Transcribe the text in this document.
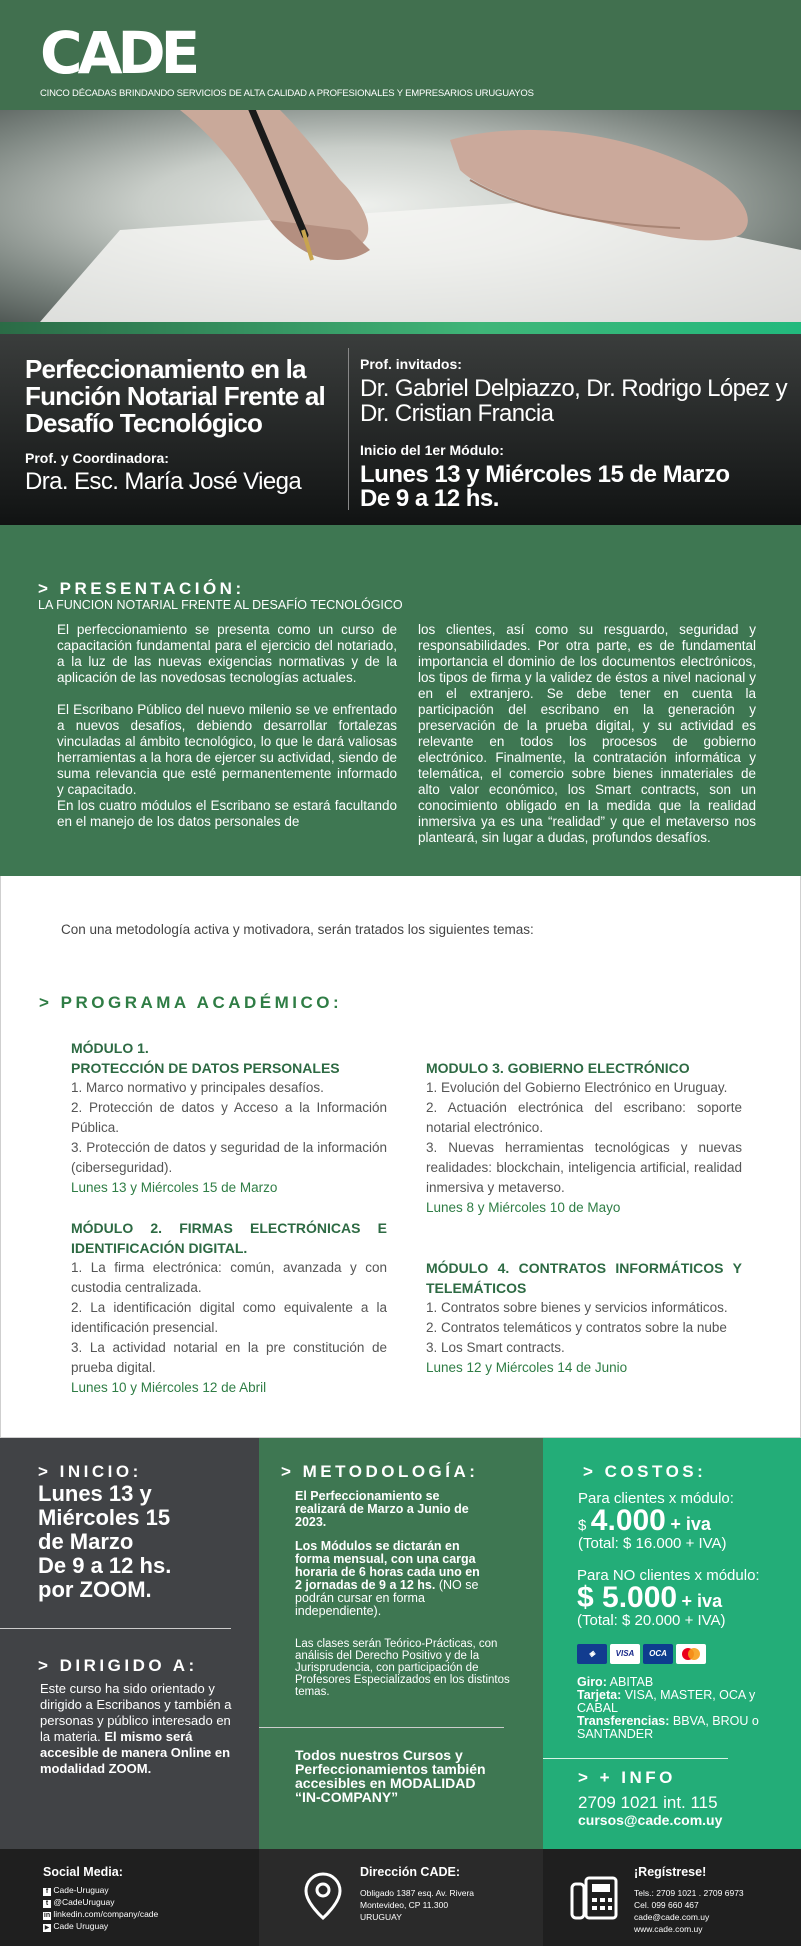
CADE
CINCO DÉCADAS BRINDANDO SERVICIOS DE ALTA CALIDAD A PROFESIONALES Y EMPRESARIOS URUGUAYOS
Perfeccionamiento en la Función Notarial Frente al Desafío Tecnológico
Prof. y Coordinadora:
Dra. Esc. María José Viega
Prof. invitados:
Dr. Gabriel Delpiazzo, Dr. Rodrigo López y Dr. Cristian Francia
Inicio del 1er Módulo:
Lunes 13 y Miércoles 15 de Marzo
De 9 a 12 hs.
> PRESENTACIÓN:
LA FUNCION NOTARIAL FRENTE AL DESAFÍO TECNOLÓGICO

El perfeccionamiento se presenta como un curso de capacitación fundamental para el ejercicio del notariado, a la luz de las nuevas exigencias normativas y de la aplicación de las novedosas tecnologías actuales.

El Escribano Público del nuevo milenio se ve enfrentado a nuevos desafíos, debiendo desarrollar fortalezas vinculadas al ámbito tecnológico, lo que le dará valiosas herramientas a la hora de ejercer su actividad, siendo de suma relevancia que esté permanentemente informado y capacitado.

En los cuatro módulos el Escribano se estará facultando en el manejo de los datos personales de

los clientes, así como su resguardo, seguridad y responsabilidades. Por otra parte, es de fundamental importancia el dominio de los documentos electrónicos, los tipos de firma y la validez de éstos a nivel nacional y en el extranjero. Se debe tener en cuenta la participación del escribano en la generación y preservación de la prueba digital, y su actividad es relevante en todos los procesos de gobierno electrónico. Finalmente, la contratación informática y telemática, el comercio sobre bienes inmateriales de alto valor económico, los Smart contracts, son un conocimiento obligado en la medida que la realidad inmersiva ya es una “realidad” y que el metaverso nos planteará, sin lugar a dudas, profundos desafíos.

Con una metodología activa y motivadora, serán tratados los siguientes temas:
> PROGRAMA ACADÉMICO:
MÓDULO 1.
PROTECCIÓN DE DATOS PERSONALES
1. Marco normativo y principales desafíos.
2. Protección de datos y Acceso a la Información Pública.
3. Protección de datos y seguridad de la información (ciberseguridad).
Lunes 13 y Miércoles 15 de Marzo
MÓDULO 2. FIRMAS ELECTRÓNICAS E IDENTIFICACIÓN DIGITAL.
1. La firma electrónica: común, avanzada y con custodia centralizada.
2. La identificación digital como equivalente a la identificación presencial.
3. La actividad notarial en la pre constitución de prueba digital.
Lunes 10 y Miércoles 12 de Abril
MODULO 3. GOBIERNO ELECTRÓNICO
1. Evolución del Gobierno Electrónico en Uruguay.
2. Actuación electrónica del escribano: soporte notarial electrónico.
3. Nuevas herramientas tecnológicas y nuevas realidades: blockchain, inteligencia artificial, realidad inmersiva y metaverso.
Lunes 8 y Miércoles 10 de Mayo
MÓDULO 4. CONTRATOS INFORMÁTICOS Y TELEMÁTICOS
1. Contratos sobre bienes y servicios informáticos.
2. Contratos telemáticos y contratos sobre la nube
3. Los Smart contracts.
Lunes 12 y Miércoles 14 de Junio
> INICIO:
Lunes 13 y
Miércoles 15
de Marzo
De 9 a 12 hs.
por ZOOM.
> DIRIGIDO A:
Este curso ha sido orientado y dirigido a Escribanos y también a personas y público interesado en la materia. El mismo será accesible de manera Online en modalidad ZOOM.
> METODOLOGÍA:
El Perfeccionamiento se realizará de Marzo a Junio de 2023.
Los Módulos se dictarán en forma mensual, con una carga horaria de 6 horas cada uno en 2 jornadas de 9 a 12 hs. (NO se podrán cursar en forma independiente).
Las clases serán Teórico-Prácticas, con análisis del Derecho Positivo y de la Jurisprudencia, con participación de Profesores Especializados en los distintos temas.
Todos nuestros Cursos y Perfeccionamientos también accesibles en MODALIDAD “IN-COMPANY”
> COSTOS:
Para clientes x módulo:
$ 4.000 + iva
(Total: $ 16.000 + IVA)
Para NO clientes x módulo:
$ 5.000 + iva
(Total: $ 20.000 + IVA)
◈	VISA OCA
Giro: ABITAB
Tarjeta: VISA, MASTER, OCA y CABAL
Transferencias: BBVA, BROU o SANTANDER
> + INFO
2709 1021 int. 115
cursos@cade.com.uy
Social Media:
f Cade-Uruguay
t @CadeUruguay
in linkedin.com/company/cade
▶ Cade Uruguay
Dirección CADE:
Obligado 1387 esq. Av. Rivera
Montevideo, CP 11.300
URUGUAY
¡Regístrese!
Tels.: 2709 1021 . 2709 6973
Cel. 099 660 467
cade@cade.com.uy
www.cade.com.uy
